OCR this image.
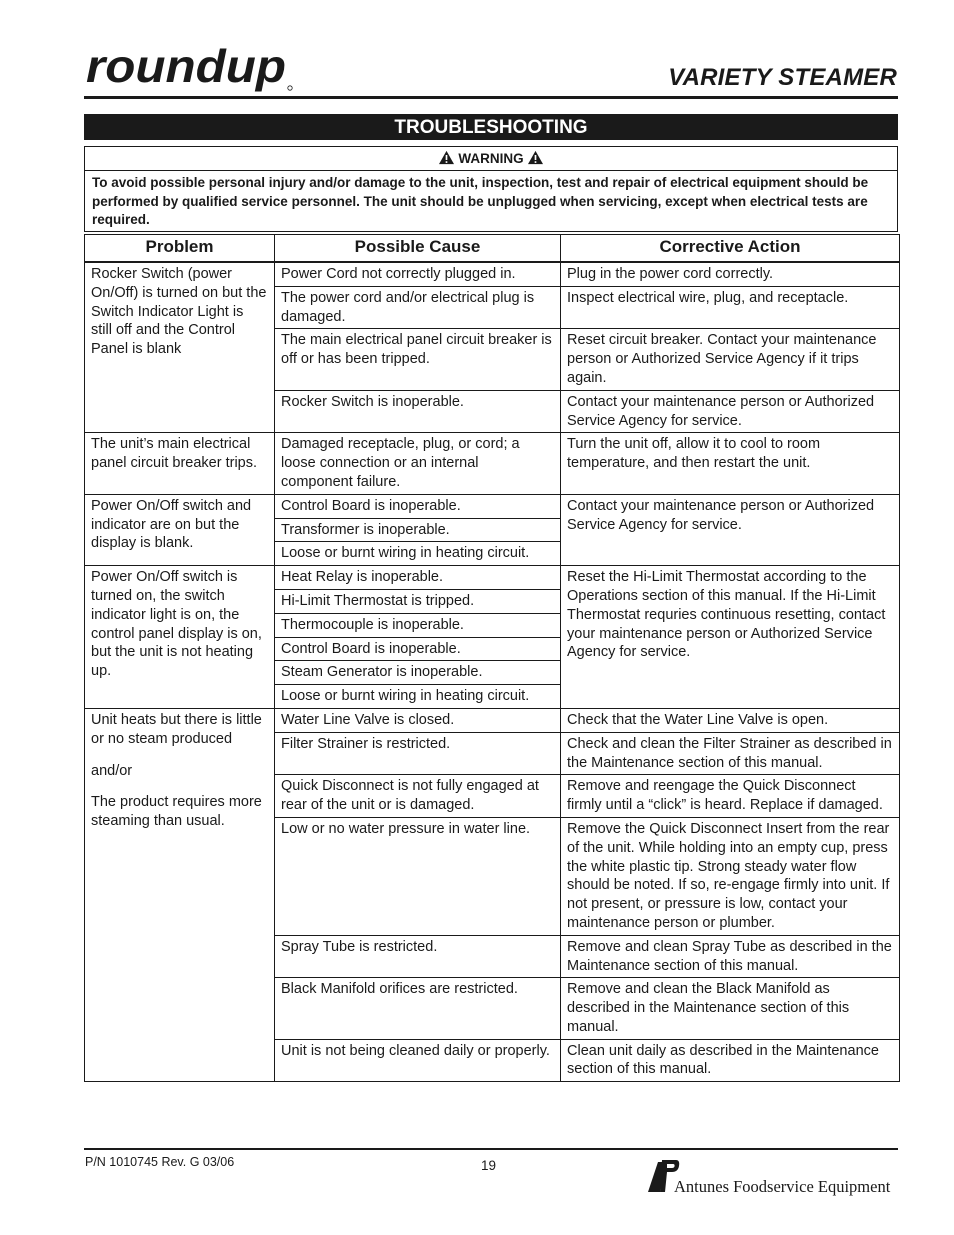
roundup	VARIETY STEAMER
TROUBLESHOOTING
WARNING
To avoid possible personal injury and/or damage to the unit, inspection, test and repair of electrical equipment should be performed by qualified service personnel. The unit should be unplugged when servicing, except when electrical tests are required.
Problem	Possible Cause	Corrective Action

Rocker Switch (power On/Off) is turned on but the Switch Indicator Light is still off and the Control Panel is blank	Power Cord not correctly plugged in.	Plug in the power cord correctly.
	The power cord and/or electrical plug is damaged.	Inspect electrical wire, plug, and receptacle.
	The main electrical panel circuit breaker is off or has been tripped.	Reset circuit breaker. Contact your maintenance person or Authorized Service Agency if it trips again.
	Rocker Switch is inoperable.	Contact your maintenance person or Authorized Service Agency for service.

The unit’s main electrical panel circuit breaker trips.	Damaged receptacle, plug, or cord; a loose connection or an internal component failure.	Turn the unit off, allow it to cool to room temperature, and then restart the unit.

Power On/Off switch and indicator are on but the display is blank.	Control Board is inoperable.	Contact your maintenance person or Authorized Service Agency for service.
	Transformer is inoperable.	
	Loose or burnt wiring in heating circuit.	

Power On/Off switch is turned on, the switch indicator light is on, the control panel display is on, but the unit is not heating up.	Heat Relay is inoperable.	Reset the Hi-Limit Thermostat according to the Operations section of this manual. If the Hi-Limit Thermostat requries continuous resetting, contact your maintenance person or Authorized Service Agency for service.
	Hi-Limit Thermostat is tripped.	
	Thermocouple is inoperable.	
	Control Board is inoperable.	
	Steam Generator is inoperable.	
	Loose or burnt wiring in heating circuit.	

Unit heats but there is little or no steam produced

and/or

The product requires more steaming than usual.	Water Line Valve is closed.	Check that the Water Line Valve is open.
	Filter Strainer is restricted.	Check and clean the Filter Strainer as described in the Maintenance section of this manual.
	Quick Disconnect is not fully engaged at rear of the unit or is damaged.	Remove and reengage the Quick Disconnect firmly until a “click” is heard. Replace if damaged.
	Low or no water pressure in water line.	Remove the Quick Disconnect Insert from the rear of the unit. While holding into an empty cup, press the white plastic tip. Strong steady water flow should be noted. If so, re-engage firmly into unit. If not present, or pressure is low, contact your maintenance person or plumber.
	Spray Tube is restricted.	Remove and clean Spray Tube as described in the Maintenance section of this manual.
	Black Manifold orifices are restricted.	Remove and clean the Black Manifold as described in the Maintenance section of this manual.
	Unit is not being cleaned daily or properly.	Clean unit daily as described in the Maintenance section of this manual.
P/N 1010745 Rev. G 03/06	19
Antunes Foodservice Equipment
